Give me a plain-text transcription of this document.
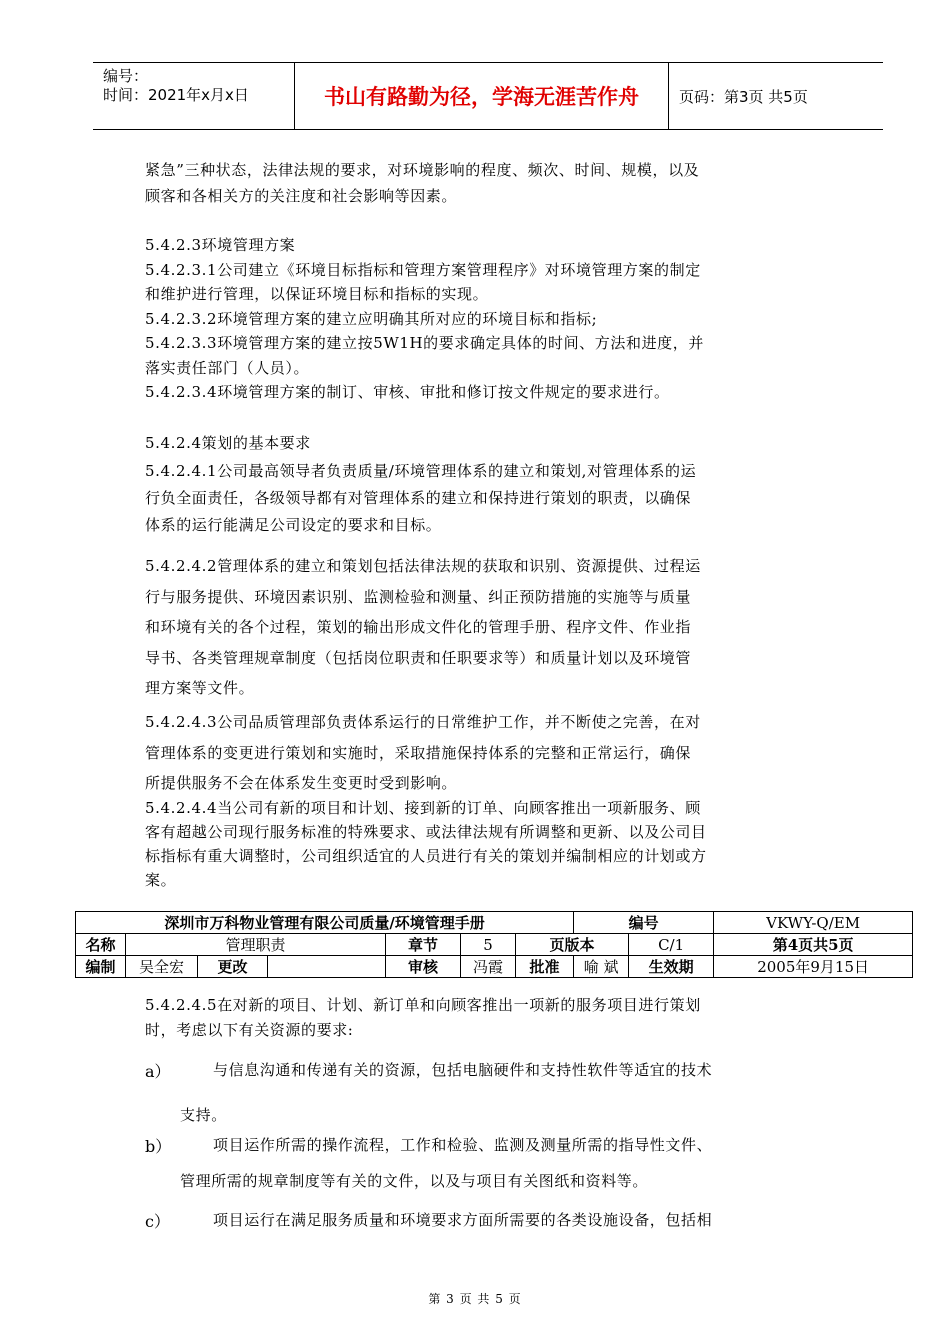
编号：
时间：2021年x月x日	书山有路勤为径，学海无涯苦作舟	页码：第3页 共5页
紧急”三种状态，法律法规的要求，对环境影响的程度、频次、时间、规模，以及
顾客和各相关方的关注度和社会影响等因素。
5.4.2.3环境管理方案
5.4.2.3.1公司建立《环境目标指标和管理方案管理程序》对环境管理方案的制定
和维护进行管理，以保证环境目标和指标的实现。
5.4.2.3.2环境管理方案的建立应明确其所对应的环境目标和指标;
5.4.2.3.3环境管理方案的建立按5W1H的要求确定具体的时间、方法和进度，并
落实责任部门（人员）。
5.4.2.3.4环境管理方案的制订、审核、审批和修订按文件规定的要求进行。
5.4.2.4策划的基本要求
5.4.2.4.1公司最高领导者负责质量/环境管理体系的建立和策划,对管理体系的运
行负全面责任，各级领导都有对管理体系的建立和保持进行策划的职责，以确保
体系的运行能满足公司设定的要求和目标。
5.4.2.4.2管理体系的建立和策划包括法律法规的获取和识别、资源提供、过程运
行与服务提供、环境因素识别、监测检验和测量、纠正预防措施的实施等与质量
和环境有关的各个过程，策划的输出形成文件化的管理手册、程序文件、作业指
导书、各类管理规章制度（包括岗位职责和任职要求等）和质量计划以及环境管
理方案等文件。
5.4.2.4.3公司品质管理部负责体系运行的日常维护工作，并不断使之完善，在对
管理体系的变更进行策划和实施时，采取措施保持体系的完整和正常运行，确保
所提供服务不会在体系发生变更时受到影响。
5.4.2.4.4当公司有新的项目和计划、接到新的订单、向顾客推出一项新服务、顾
客有超越公司现行服务标准的特殊要求、或法律法规有所调整和更新、以及公司目
标指标有重大调整时，公司组织适宜的人员进行有关的策划并编制相应的计划或方
案。
深圳市万科物业管理有限公司质量/环境管理手册							编号		VKWY-Q/EM
名称	管理职责			章节	5	页版本		C/1	第4页共5页
编制	吴全宏	更改		审核	冯霞	批准	喻 斌	生效期	2005年9月15日
5.4.2.4.5在对新的项目、计划、新订单和向顾客推出一项新的服务项目进行策划
时，考虑以下有关资源的要求:
a）	与信息沟通和传递有关的资源，包括电脑硬件和支持性软件等适宜的技术
支持。
b）	项目运作所需的操作流程，工作和检验、监测及测量所需的指导性文件、
管理所需的规章制度等有关的文件，以及与项目有关图纸和资料等。
c）	项目运行在满足服务质量和环境要求方面所需要的各类设施设备，包括相
第 3 页 共 5 页
